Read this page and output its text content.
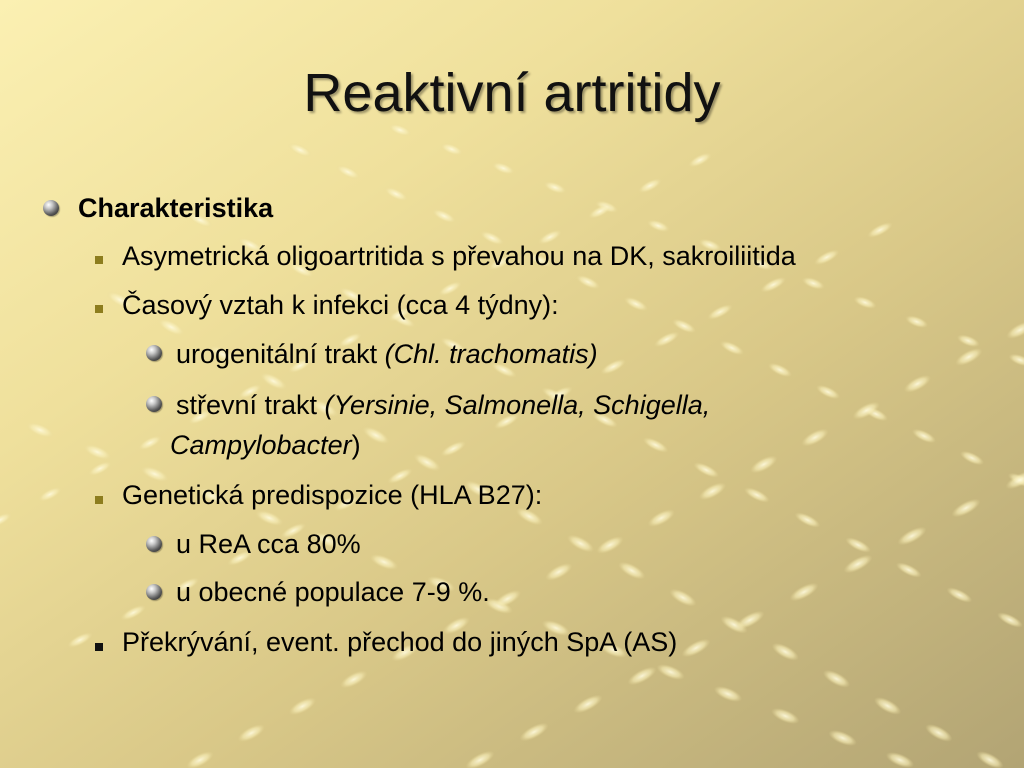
Reaktivní artritidy
Charakteristika
Asymetrická oligoartritida s převahou na DK, sakroiliitida
Časový vztah k infekci (cca 4 týdny):
urogenitální trakt (Chl. trachomatis)
střevní trakt (Yersinie, Salmonella, Schigella,
Campylobacter)
Genetická predispozice (HLA B27):
u ReA cca 80%
u obecné populace 7-9 %.
Překrývání, event. přechod do jiných SpA (AS)
